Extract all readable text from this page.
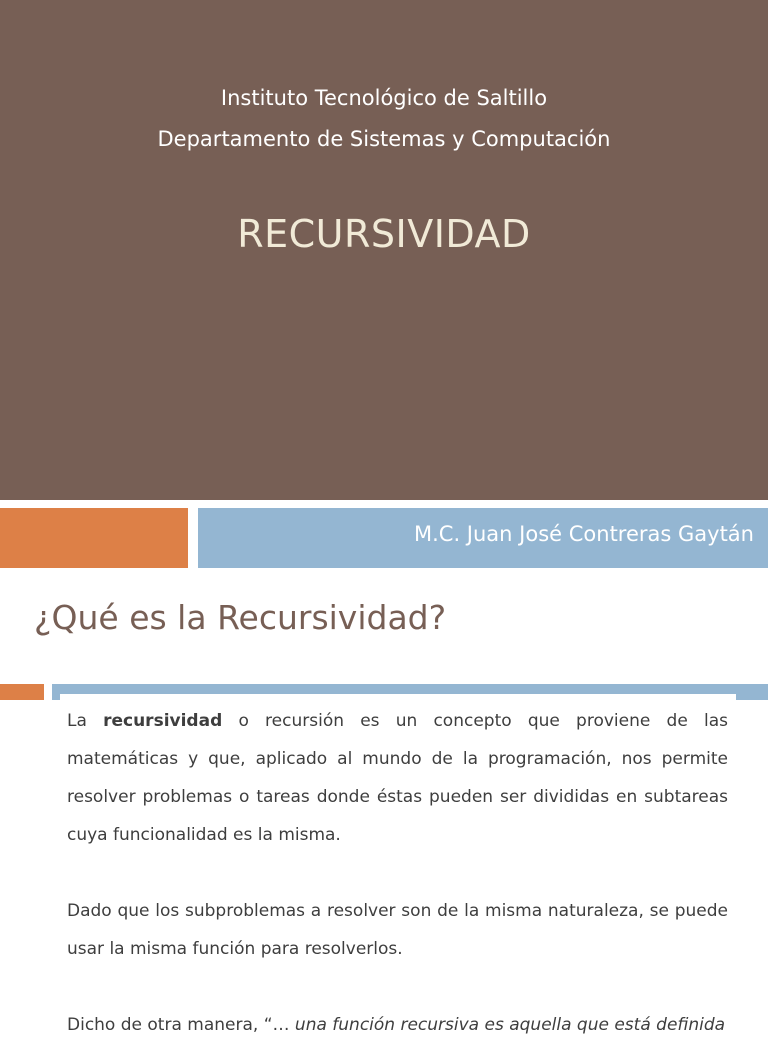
Instituto Tecnológico de Saltillo
Departamento de Sistemas y Computación
RECURSIVIDAD
M.C. Juan José Contreras Gaytán
¿Qué es la Recursividad?

La recursividad o recursión es un concepto que proviene de las matemáticas y que, aplicado al mundo de la programación, nos permite resolver problemas o tareas donde éstas pueden ser divididas en subtareas cuya funcionalidad es la misma.

Dado que los subproblemas a resolver son de la misma naturaleza, se puede usar la misma función para resolverlos.

Dicho de otra manera, “… una función recursiva es aquella que está definida
